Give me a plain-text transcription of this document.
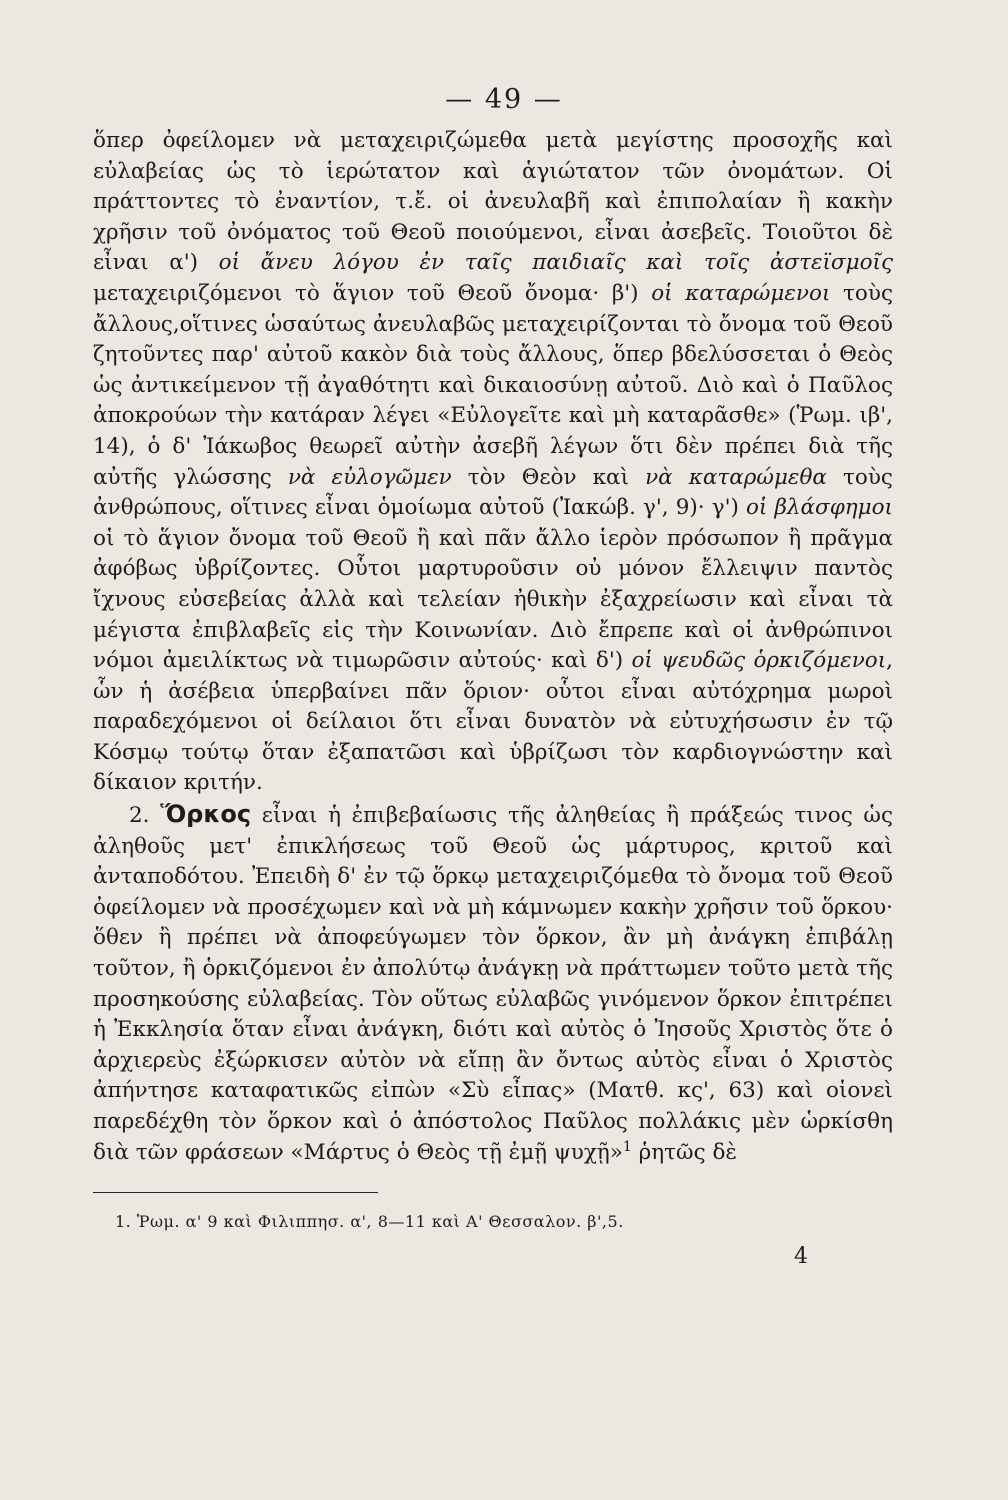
— 49 —

ὅπερ ὀφείλομεν νὰ μεταχειριζώμεθα μετὰ μεγίστης προσοχῆς καὶ εὐλαβείας ὡς τὸ ἱερώτατον καὶ ἁγιώτατον τῶν ὀνομάτων. Οἱ πράττοντες τὸ ἐναντίον, τ.ἔ. οἱ ἀνευλαβῆ καὶ ἐπιπολαίαν ἢ κακὴν χρῆσιν τοῦ ὀνόματος τοῦ Θεοῦ ποιούμενοι, εἶναι ἀσεβεῖς. Τοιοῦτοι δὲ εἶναι α') οἱ ἄνευ λόγου ἐν ταῖς παιδιαῖς καὶ τοῖς ἀστεϊσμοῖς μεταχειριζόμενοι τὸ ἅγιον τοῦ Θεοῦ ὄνομα· β') οἱ καταρώμενοι τοὺς ἄλλους,οἵτινες ὡσαύτως ἀνευλαβῶς μεταχειρίζονται τὸ ὄνομα τοῦ Θεοῦ ζητοῦντες παρ' αὐτοῦ κακὸν διὰ τοὺς ἄλλους, ὅπερ βδελύσσεται ὁ Θεὸς ὡς ἀντικείμενον τῇ ἀγαθότητι καὶ δικαιοσύνῃ αὐτοῦ. Διὸ καὶ ὁ Παῦλος ἀποκρούων τὴν κατάραν λέγει «Εὐλογεῖτε καὶ μὴ καταρᾶσθε» (Ῥωμ. ιβ', 14), ὁ δ' Ἰάκωβος θεωρεῖ αὐτὴν ἀσεβῆ λέγων ὅτι δὲν πρέπει διὰ τῆς αὐτῆς γλώσσης νὰ εὐλογῶμεν τὸν Θεὸν καὶ νὰ καταρώμεθα τοὺς ἀνθρώπους, οἵτινες εἶναι ὁμοίωμα αὐτοῦ (Ἰακώβ. γ', 9)· γ') οἱ βλάσφημοι οἱ τὸ ἅγιον ὄνομα τοῦ Θεοῦ ἢ καὶ πᾶν ἄλλο ἱερὸν πρόσωπον ἢ πρᾶγμα ἀφόβως ὑβρίζοντες. Οὗτοι μαρτυροῦσιν οὐ μόνον ἔλλειψιν παντὸς ἴχνους εὐσεβείας ἀλλὰ καὶ τελείαν ἠθικὴν ἐξαχρείωσιν καὶ εἶναι τὰ μέγιστα ἐπιβλαβεῖς εἰς τὴν Κοινωνίαν. Διὸ ἔπρεπε καὶ οἱ ἀνθρώπινοι νόμοι ἀμειλίκτως νὰ τιμωρῶσιν αὐτούς· καὶ δ') οἱ ψευδῶς ὁρκιζόμενοι, ὧν ἡ ἀσέβεια ὑπερβαίνει πᾶν ὅριον· οὗτοι εἶναι αὐτόχρημα μωροὶ παραδεχόμενοι οἱ δείλαιοι ὅτι εἶναι δυνατὸν νὰ εὐτυχήσωσιν ἐν τῷ Κόσμῳ τούτῳ ὅταν ἐξαπατῶσι καὶ ὑβρίζωσι τὸν καρδιογνώστην καὶ δίκαιον κριτήν.

2. Ὅρκος εἶναι ἡ ἐπιβεβαίωσις τῆς ἀληθείας ἢ πράξεώς τινος ὡς ἀληθοῦς μετ' ἐπικλήσεως τοῦ Θεοῦ ὡς μάρτυρος, κριτοῦ καὶ ἀνταποδότου. Ἐπειδὴ δ' ἐν τῷ ὅρκῳ μεταχειριζόμεθα τὸ ὄνομα τοῦ Θεοῦ ὀφείλομεν νὰ προσέχωμεν καὶ νὰ μὴ κάμνωμεν κακὴν χρῆσιν τοῦ ὅρκου· ὅθεν ἢ πρέπει νὰ ἀποφεύγωμεν τὸν ὅρκον, ἂν μὴ ἀνάγκη ἐπιβάλῃ τοῦτον, ἢ ὁρκιζόμενοι ἐν ἀπολύτῳ ἀνάγκῃ νὰ πράττωμεν τοῦτο μετὰ τῆς προσηκούσης εὐλαβείας. Τὸν οὕτως εὐλαβῶς γινόμενον ὅρκον ἐπιτρέπει ἡ Ἐκκλησία ὅταν εἶναι ἀνάγκη, διότι καὶ αὐτὸς ὁ Ἰησοῦς Χριστὸς ὅτε ὁ ἀρχιερεὺς ἐξώρκισεν αὐτὸν νὰ εἴπῃ ἂν ὄντως αὐτὸς εἶναι ὁ Χριστὸς ἀπήντησε καταφατικῶς εἰπὼν «Σὺ εἶπας» (Ματθ. κς', 63) καὶ οἱονεὶ παρεδέχθη τὸν ὅρκον καὶ ὁ ἀπόστολος Παῦλος πολλάκις μὲν ὡρκίσθη διὰ τῶν φράσεων «Μάρτυς ὁ Θεὸς τῇ ἐμῇ ψυχῇ»$^1$ ῥητῶς δὲ

1. Ῥωμ. α' 9 καὶ Φιλιππησ. α', 8—11 καὶ Α' Θεσσαλον. β',5.
4
